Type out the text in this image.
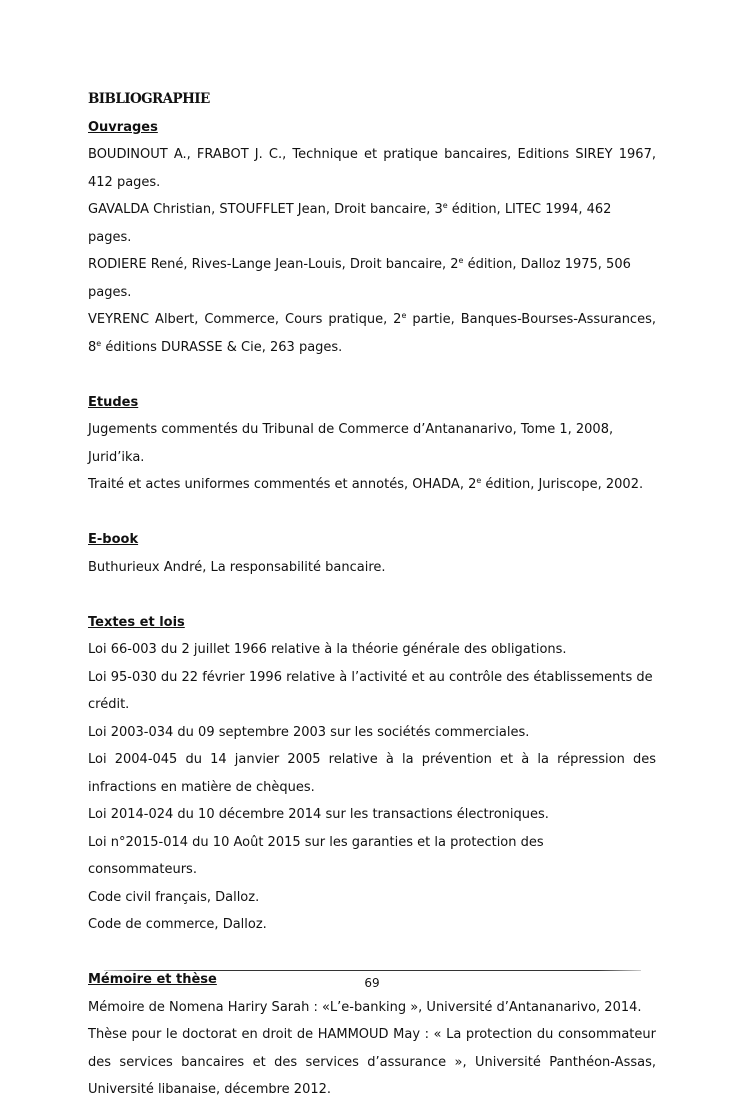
BIBLIOGRAPHIE

Ouvrages

BOUDINOUT A., FRABOT J. C., Technique et pratique bancaires, Editions SIREY 1967, 412 pages.

GAVALDA Christian, STOUFFLET Jean, Droit bancaire, 3e édition, LITEC 1994, 462 pages.

RODIERE René, Rives-Lange Jean-Louis, Droit bancaire, 2e édition, Dalloz 1975, 506 pages.

VEYRENC Albert, Commerce, Cours pratique, 2e partie, Banques-Bourses-Assurances, 8e éditions DURASSE & Cie, 263 pages.

Etudes

Jugements commentés du Tribunal de Commerce d’Antananarivo, Tome 1, 2008, Jurid’ika.

Traité et actes uniformes commentés et annotés, OHADA, 2e édition, Juriscope, 2002.

E-book

Buthurieux André, La responsabilité bancaire.

Textes et lois

Loi 66-003 du 2 juillet 1966 relative à la théorie générale des obligations.

Loi 95-030 du 22 février 1996 relative à l’activité et au contrôle des établissements de crédit.

Loi 2003-034 du 09 septembre 2003 sur les sociétés commerciales.

Loi 2004-045 du 14 janvier 2005 relative à la prévention et à la répression des infractions en matière de chèques.

Loi 2014-024 du 10 décembre 2014 sur les transactions électroniques.

Loi n°2015-014 du 10 Août 2015 sur les garanties et la protection des consommateurs.

Code civil français, Dalloz.

Code de commerce, Dalloz.

Mémoire et thèse

Mémoire de Nomena Hariry Sarah : «L’e-banking », Université d’Antananarivo, 2014.

Thèse pour le doctorat en droit de HAMMOUD May : « La protection du consommateur des services bancaires et des services d’assurance », Université Panthéon-Assas, Université libanaise, décembre 2012.

69
